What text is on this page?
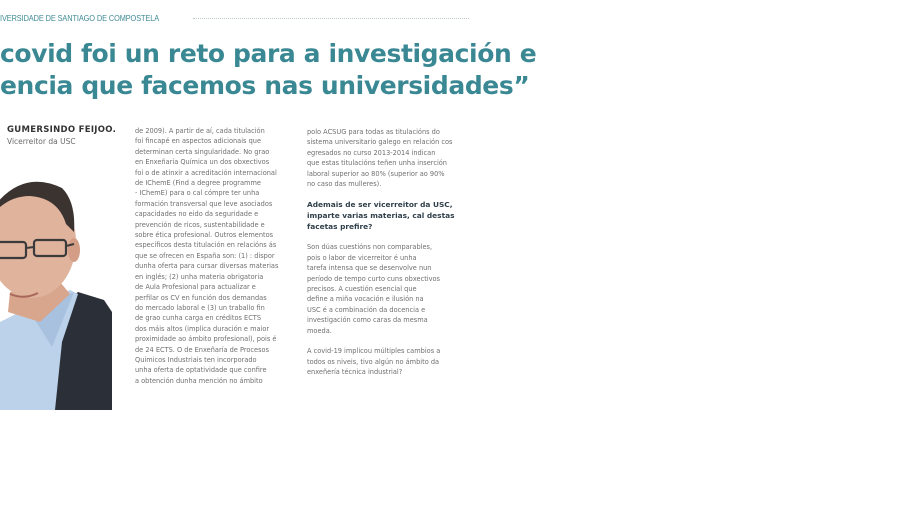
IVERSIDADE DE SANTIAGO DE COMPOSTELA
covid foi un reto para a investigación e
encia que facemos nas universidades”
GUMERSINDO FEIJOO.
Vicerreitor da USC

de 2009). A partir de aí, cada titulación

foi fincapé en aspectos adicionais que

determinan certa singularidade. No grao

en Enxeñaría Química un dos obxectivos

foi o de atinxir a acreditación internacional

de IChemE (Find a degree programme

- IChemE) para o cal cómpre ter unha

formación transversal que leve asociados

capacidades no eido da seguridade e

prevención de ricos, sustentabilidade e

sobre ética profesional. Outros elementos

específicos desta titulación en relacións ás

que se ofrecen en España son: (1) : dispor

dunha oferta para cursar diversas materias

en inglés; (2) unha materia obrigatoria

de Aula Profesional para actualizar e

perfilar os CV en función dos demandas

do mercado laboral e (3) un traballo fin

de grao cunha carga en créditos ECTS

dos máis altos (implica duración e maior

proximidade ao ámbito profesional), pois é

de 24 ECTS. O de Enxeñaría de Procesos

Químicos Industriais ten incorporado

unha oferta de optatividade que confire

a obtención dunha mención no ámbito

polo ACSUG para todas as titulacións do

sistema universitario galego en relación cos

egresados no curso 2013-2014 indican

que estas titulacións teñen unha inserción

laboral superior ao 80% (superior ao 90%

no caso das mulleres).

Ademais de ser vicerreitor da USC,

imparte varias materias, cal destas

facetas prefire?

Son dúas cuestións non comparables,

pois o labor de vicerreitor é unha

tarefa intensa que se desenvolve nun

período de tempo curto cuns obxectivos

precisos. A cuestión esencial que

define a miña vocación e ilusión na

USC é a combinación da docencia e

investigación como caras da mesma

moeda.

A covid-19 implicou múltiples cambios a

todos os niveis, tivo algún no ámbito da

enxeñería técnica industrial?
